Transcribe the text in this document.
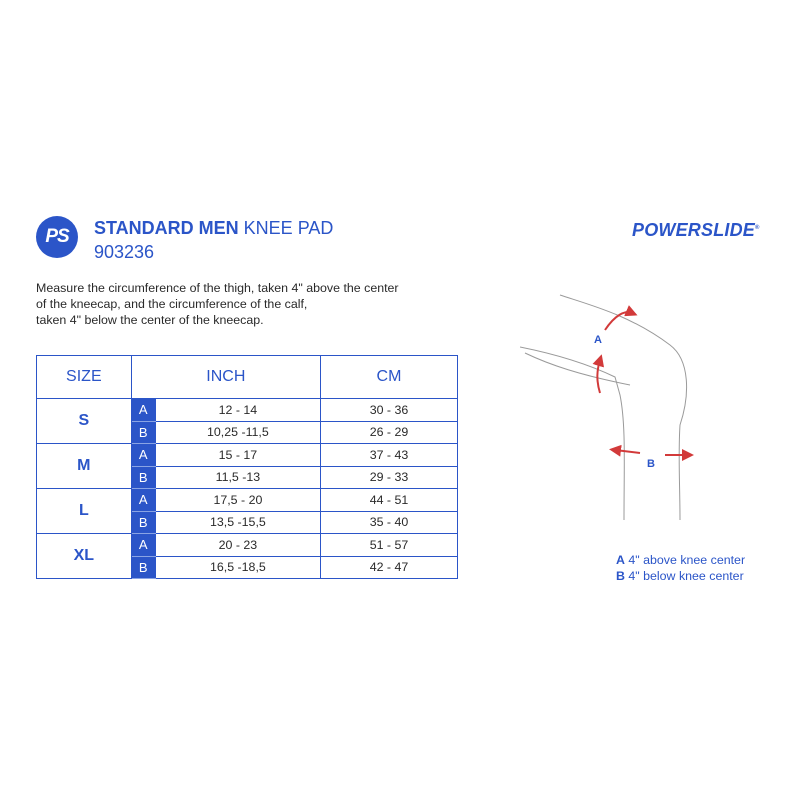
PS STANDARD MEN KNEE PAD
903236
POWERSLIDE®
Measure the circumference of the thigh, taken 4" above the center
of the kneecap, and the circumference of the calf,
taken 4" below the center of the kneecap.
SIZE	INCH		CM
S	A	12 - 14	30 - 36
	B	10,25 -11,5	26 - 29
M	A	15 - 17	37 - 43
	B	11,5 -13	29 - 33
L	A	17,5 - 20	44 - 51
	B	13,5 -15,5	35 - 40
XL	A	20 - 23	51 - 57
	B	16,5 -18,5	42 - 47
A
B
A 4" above knee center
B 4" below knee center
